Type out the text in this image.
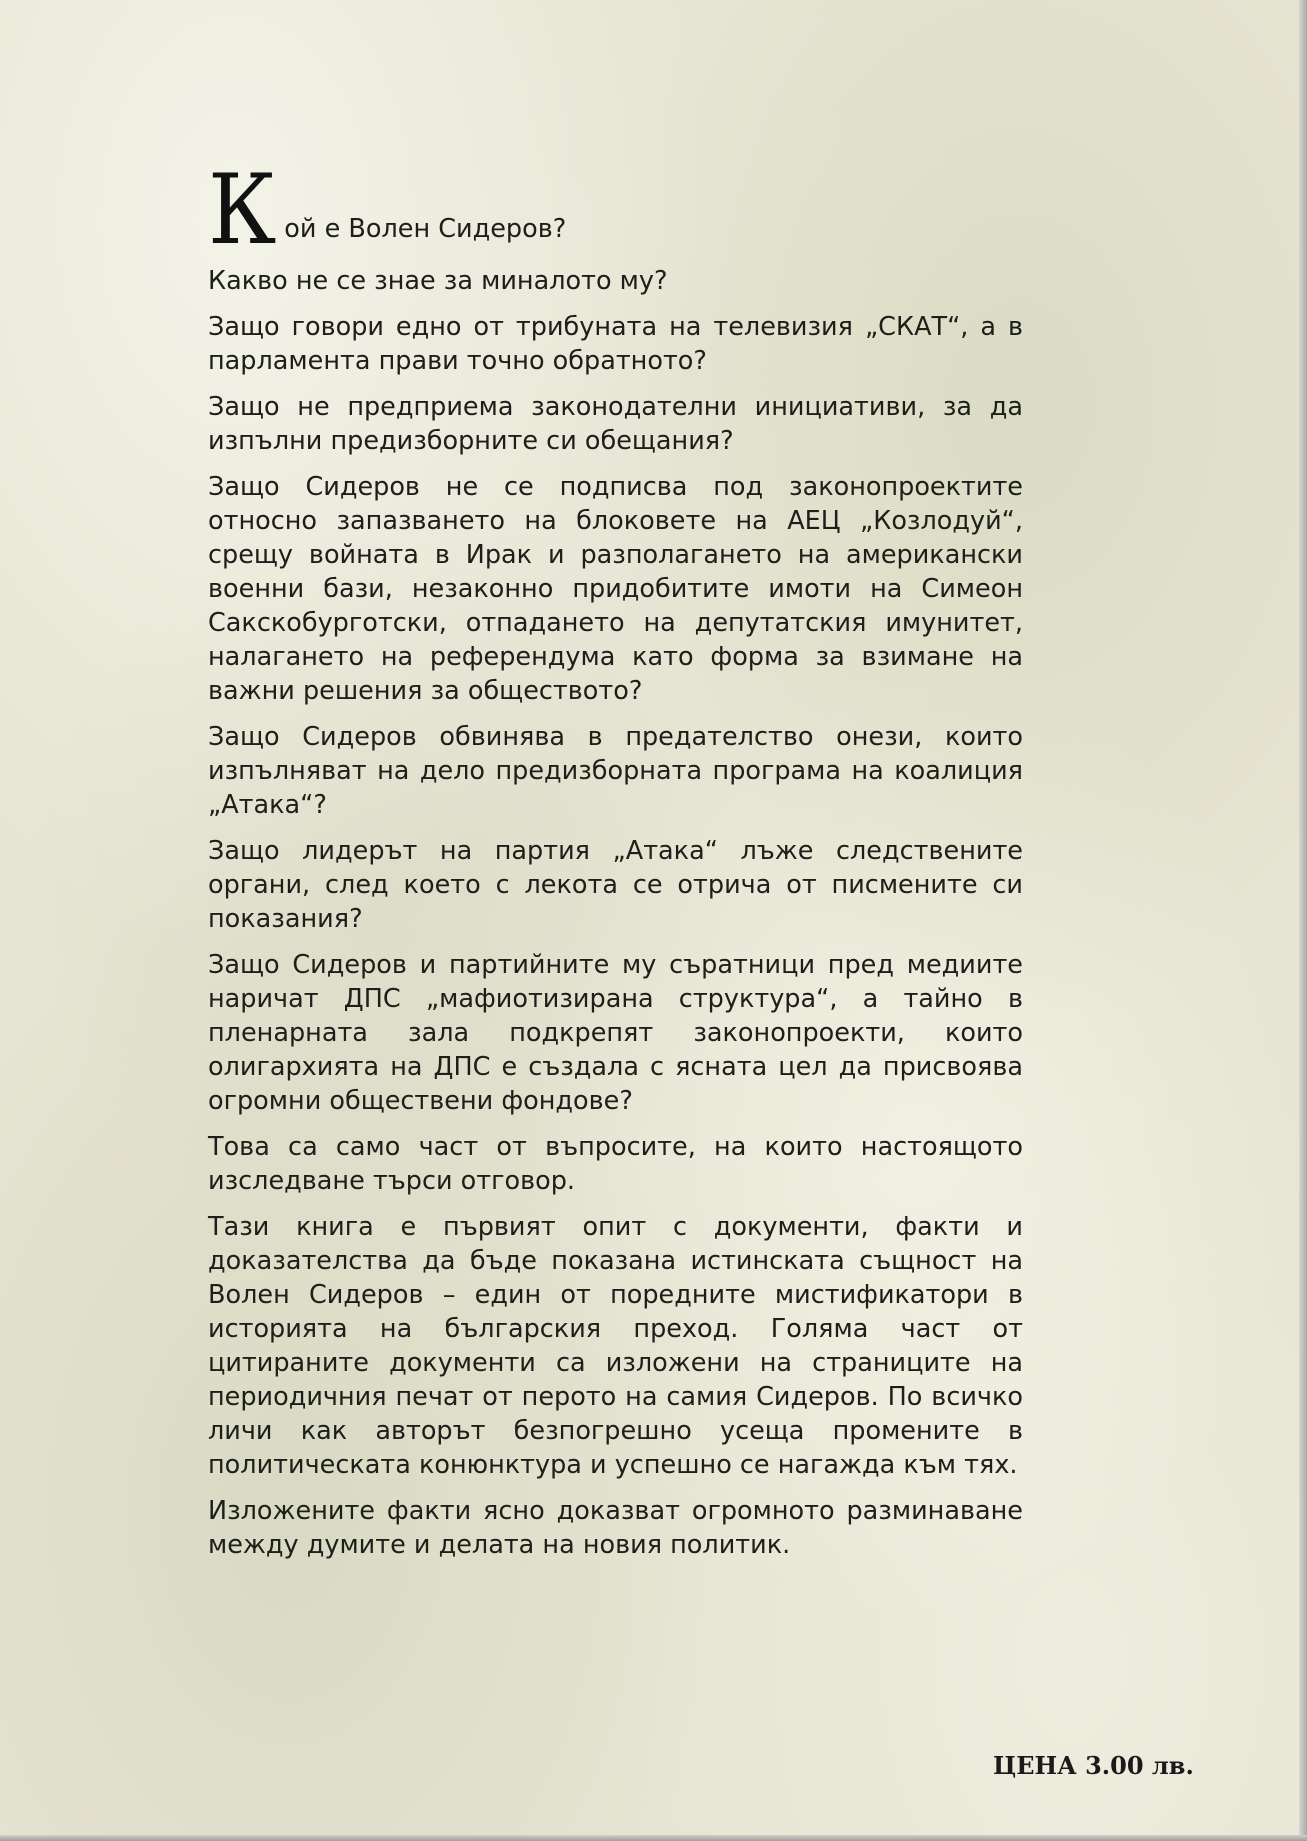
К ой е Волен Сидеров?

Какво не се знае за миналото му?

Защо говори едно от трибуната на телевизия „СКАТ“, а в парламента прави точно обратното?

Защо не предприема законодателни инициативи, за да изпълни предизборните си обещания?

Защо Сидеров не се подписва под законопроектите относно запазването на блоковете на АЕЦ „Козлодуй“, срещу войната в Ирак и разполагането на американски военни бази, незаконно придобитите имоти на Симеон Сакскобурготски, отпадането на депутатския имунитет, налагането на референдума като форма за взимане на важни решения за обществото?

Защо Сидеров обвинява в предателство онези, които изпълняват на дело предизборната програма на коалиция „Атака“?

Защо лидерът на партия „Атака“ лъже следствените органи, след което с лекота се отрича от писмените си показания?

Защо Сидеров и партийните му съратници пред медиите наричат ДПС „мафиотизирана структура“, а тайно в пленарната зала подкрепят законопроекти, които олигархията на ДПС е създала с ясната цел да присвоява огромни обществени фондове?

Това са само част от въпросите, на които настоящото изследване търси отговор.

Тази книга е първият опит с документи, факти и доказателства да бъде показана истинската същност на Волен Сидеров – един от поредните мистификатори в историята на българския преход. Голяма част от цитираните документи са изложени на страниците на периодичния печат от перото на самия Сидеров. По всичко личи как авторът безпогрешно усеща промените в политическата конюнктура и успешно се нагажда към тях.

Изложените факти ясно доказват огромното разминаване между думите и делата на новия политик.

ЦЕНА 3.00 лв.
